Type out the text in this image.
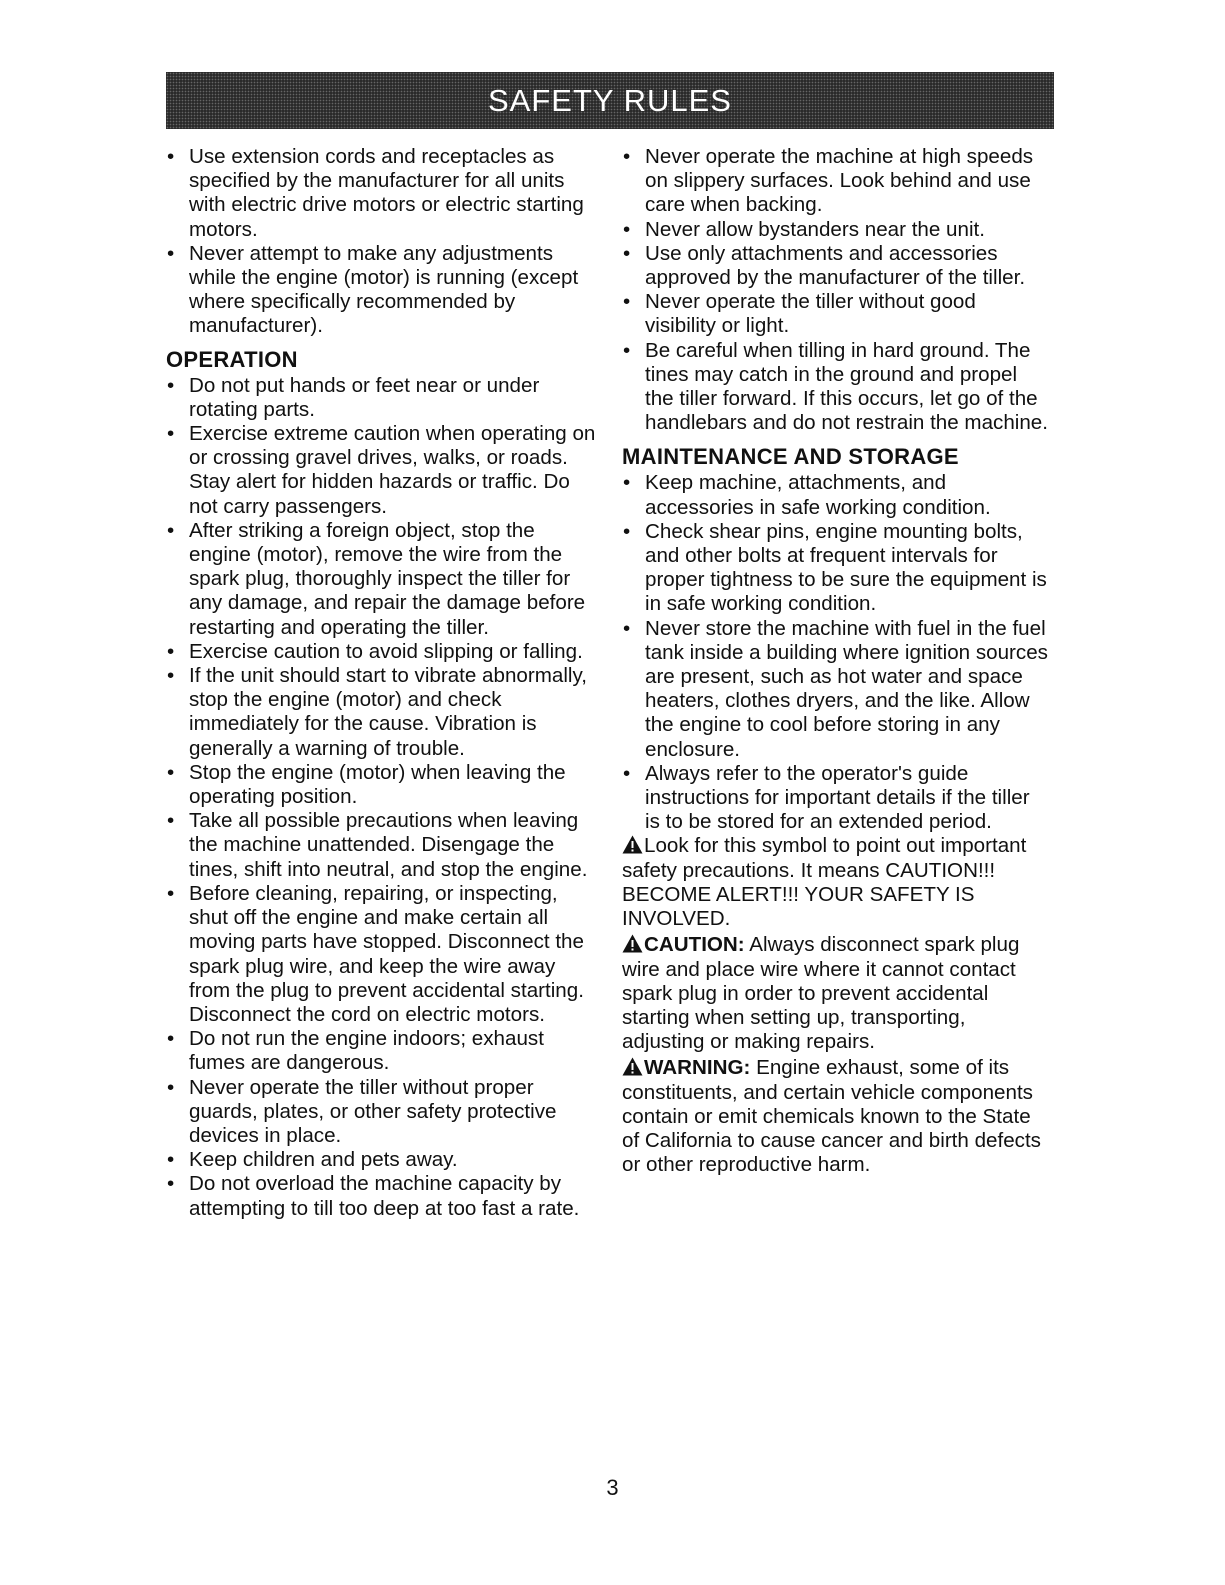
SAFETY RULES
• Use extension cords and receptacles as specified by the manufacturer for all units with electric drive motors or electric starting motors.
• Never attempt to make any adjustments while the engine (motor) is running (except where specifically recommended by manufacturer).
OPERATION
• Do not put hands or feet near or under rotating parts.
• Exercise extreme caution when operating on or crossing gravel drives, walks, or roads. Stay alert for hidden hazards or traffic. Do not carry passengers.
• After striking a foreign object, stop the engine (motor), remove the wire from the spark plug, thoroughly inspect the tiller for any damage, and repair the damage before restarting and operating the tiller.
• Exercise caution to avoid slipping or falling.
• If the unit should start to vibrate abnormally, stop the engine (motor) and check immediately for the cause. Vibration is generally a warning of trouble.
• Stop the engine (motor) when leaving the operating position.
• Take all possible precautions when leaving the machine unattended. Disengage the tines, shift into neutral, and stop the engine.
• Before cleaning, repairing, or inspecting, shut off the engine and make certain all moving parts have stopped. Disconnect the spark plug wire, and keep the wire away from the plug to prevent accidental starting. Disconnect the cord on electric motors.
• Do not run the engine indoors; exhaust fumes are dangerous.
• Never operate the tiller without proper guards, plates, or other safety protective devices in place.
• Keep children and pets away.
• Do not overload the machine capacity by attempting to till too deep at too fast a rate.
• Never operate the machine at high speeds on slippery surfaces. Look behind and use care when backing.
• Never allow bystanders near the unit.
• Use only attachments and accessories approved by the manufacturer of the tiller.
• Never operate the tiller without good visibility or light.
• Be careful when tilling in hard ground. The tines may catch in the ground and propel the tiller forward. If this occurs, let go of the handlebars and do not restrain the machine.
MAINTENANCE AND STORAGE
• Keep machine, attachments, and accessories in safe working condition.
• Check shear pins, engine mounting bolts, and other bolts at frequent intervals for proper tightness to be sure the equipment is in safe working condition.
• Never store the machine with fuel in the fuel tank inside a building where ignition sources are present, such as hot water and space heaters, clothes dryers, and the like. Allow the engine to cool before storing in any enclosure.
• Always refer to the operator's guide instructions for important details if the tiller is to be stored for an extended period.

Look for this symbol to point out important safety precautions. It means CAUTION!!! BECOME ALERT!!! YOUR SAFETY IS INVOLVED.

CAUTION: Always disconnect spark plug wire and place wire where it cannot contact spark plug in order to prevent accidental starting when setting up, transporting, adjusting or making repairs.

WARNING: Engine exhaust, some of its constituents, and certain vehicle components contain or emit chemicals known to the State of California to cause cancer and birth defects or other reproductive harm.

3
